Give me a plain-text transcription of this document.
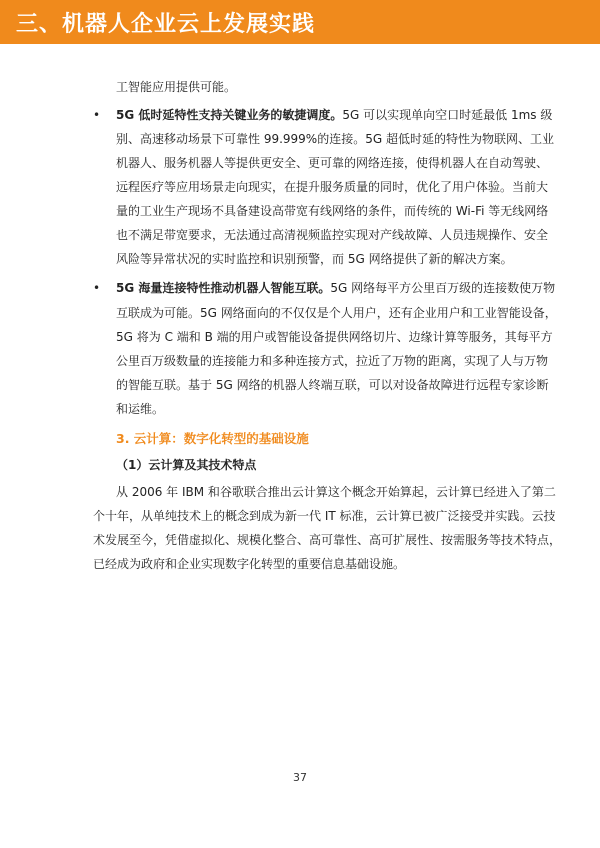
三、机器人企业云上发展实践
工智能应用提供可能。
• 5G 低时延特性支持关键业务的敏捷调度。5G 可以实现单向空口时延最低 1ms 级
别、高速移动场景下可靠性 99.999%的连接。5G 超低时延的特性为物联网、工业
机器人、服务机器人等提供更安全、更可靠的网络连接，使得机器人在自动驾驶、
远程医疗等应用场景走向现实，在提升服务质量的同时，优化了用户体验。当前大
量的工业生产现场不具备建设高带宽有线网络的条件，而传统的 Wi-Fi 等无线网络
也不满足带宽要求，无法通过高清视频监控实现对产线故障、人员违规操作、安全
风险等异常状况的实时监控和识别预警，而 5G 网络提供了新的解决方案。
• 5G 海量连接特性推动机器人智能互联。5G 网络每平方公里百万级的连接数使万物
互联成为可能。5G 网络面向的不仅仅是个人用户，还有企业用户和工业智能设备，
5G 将为 C 端和 B 端的用户或智能设备提供网络切片、边缘计算等服务，其每平方
公里百万级数量的连接能力和多种连接方式，拉近了万物的距离，实现了人与万物
的智能互联。基于 5G 网络的机器人终端互联，可以对设备故障进行远程专家诊断
和运维。
3. 云计算：数字化转型的基础设施
（1）云计算及其技术特点
从 2006 年 IBM 和谷歌联合推出云计算这个概念开始算起，云计算已经进入了第二
个十年，从单纯技术上的概念到成为新一代 IT 标准，云计算已被广泛接受并实践。云技
术发展至今，凭借虚拟化、规模化整合、高可靠性、高可扩展性、按需服务等技术特点，
已经成为政府和企业实现数字化转型的重要信息基础设施。
37
